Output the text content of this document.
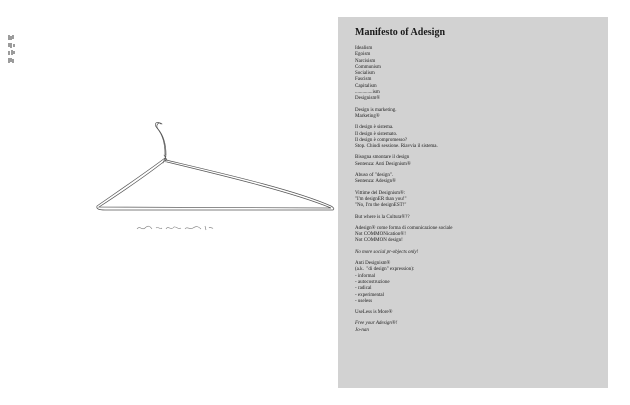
Manifesto of Adesign
Idealism
Egoism
Narcisism
Communism
Socialism
Fascism
Capitalism
..............ism
Designism®
Design is marketing.
Marketing®
Il design è sistema.
Il design è sistemato.
Il design è compromesso?
Stop. Chiudi sessione. Riavvia il sistema.
Bisogna smontare il design
Sentenza: Anti Designism®
Abuso of "design".
Sentenza: Adesign®
Vittime del Designism®:
"I'm designER than you!"
"No, I'm the designEST!"
But where is la Cultura®??
Adesign® come forma di comunicazione sociale
Not COMMONication®!
Not COMMON design!
No more social pr-objects only!
Anti Designism®
(a.k.  "di design" expression):
- informal
- autocostruzione
- radical
- experimental
- useless
UseLess is More®
Free your Adesign®!
Jo-nan
